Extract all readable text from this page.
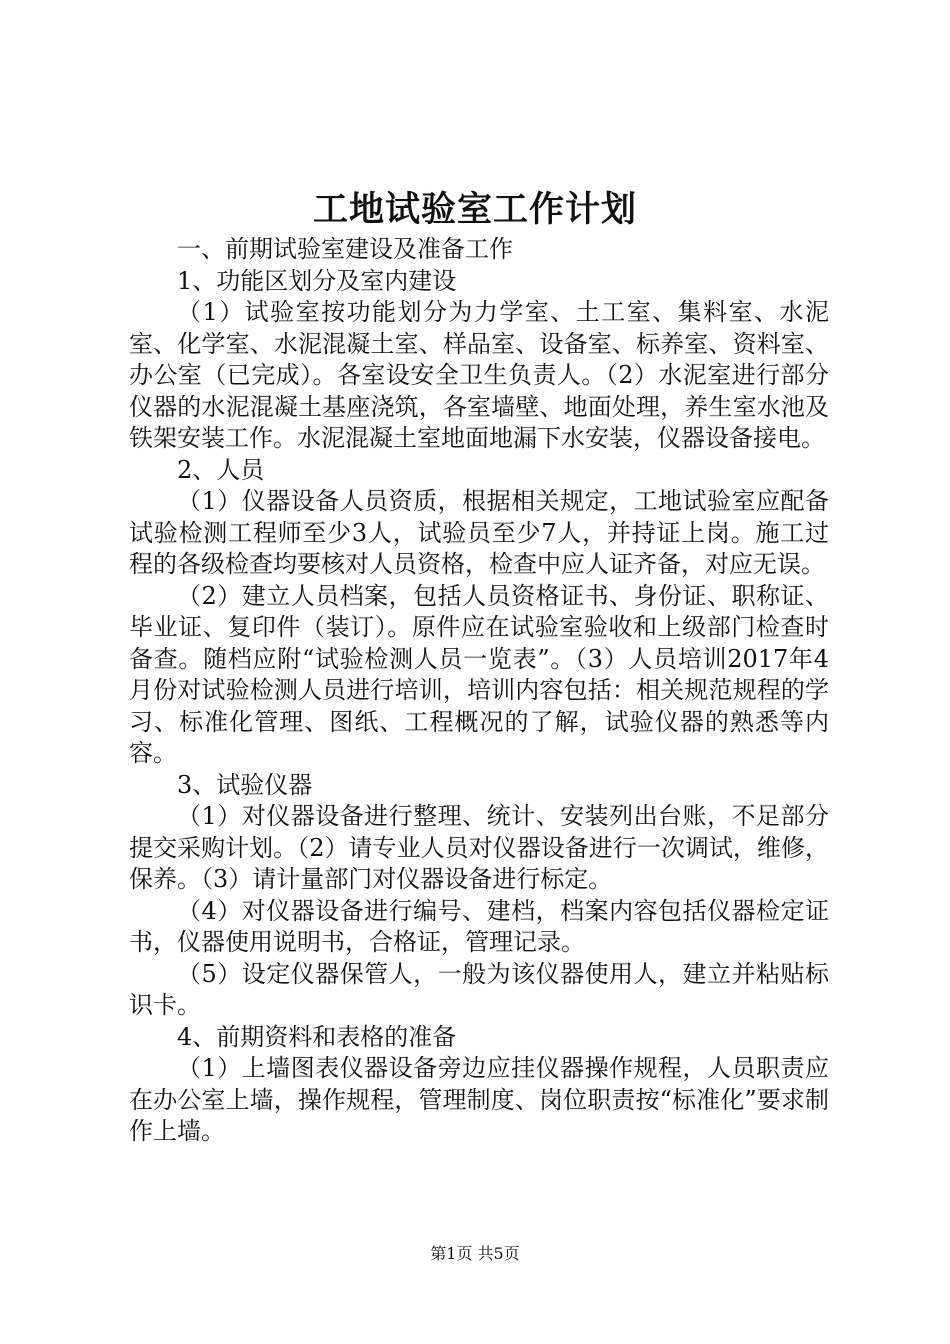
工地试验室工作计划

一、前期试验室建设及准备工作

1、功能区划分及室内建设

（1）试验室按功能划分为力学室、土工室、集料室、水泥室、化学室、水泥混凝土室、样品室、设备室、标养室、资料室、办公室（已完成）。各室设安全卫生负责人。（2）水泥室进行部分仪器的水泥混凝土基座浇筑，各室墙壁、地面处理，养生室水池及铁架安装工作。水泥混凝土室地面地漏下水安装，仪器设备接电。

2、人员

（1）仪器设备人员资质，根据相关规定，工地试验室应配备试验检测工程师至少3人，试验员至少7人，并持证上岗。施工过程的各级检查均要核对人员资格，检查中应人证齐备，对应无误。

（2）建立人员档案，包括人员资格证书、身份证、职称证、毕业证、复印件（装订）。原件应在试验室验收和上级部门检查时备查。随档应附“试验检测人员一览表”。（3）人员培训2017年4月份对试验检测人员进行培训，培训内容包括：相关规范规程的学习、标准化管理、图纸、工程概况的了解，试验仪器的熟悉等内容。

3、试验仪器

（1）对仪器设备进行整理、统计、安装列出台账，不足部分提交采购计划。（2）请专业人员对仪器设备进行一次调试，维修，保养。（3）请计量部门对仪器设备进行标定。

（4）对仪器设备进行编号、建档，档案内容包括仪器检定证书，仪器使用说明书，合格证，管理记录。

（5）设定仪器保管人，一般为该仪器使用人，建立并粘贴标识卡。

4、前期资料和表格的准备

（1）上墙图表仪器设备旁边应挂仪器操作规程，人员职责应在办公室上墙，操作规程，管理制度、岗位职责按“标准化”要求制作上墙。

第1页 共5页
